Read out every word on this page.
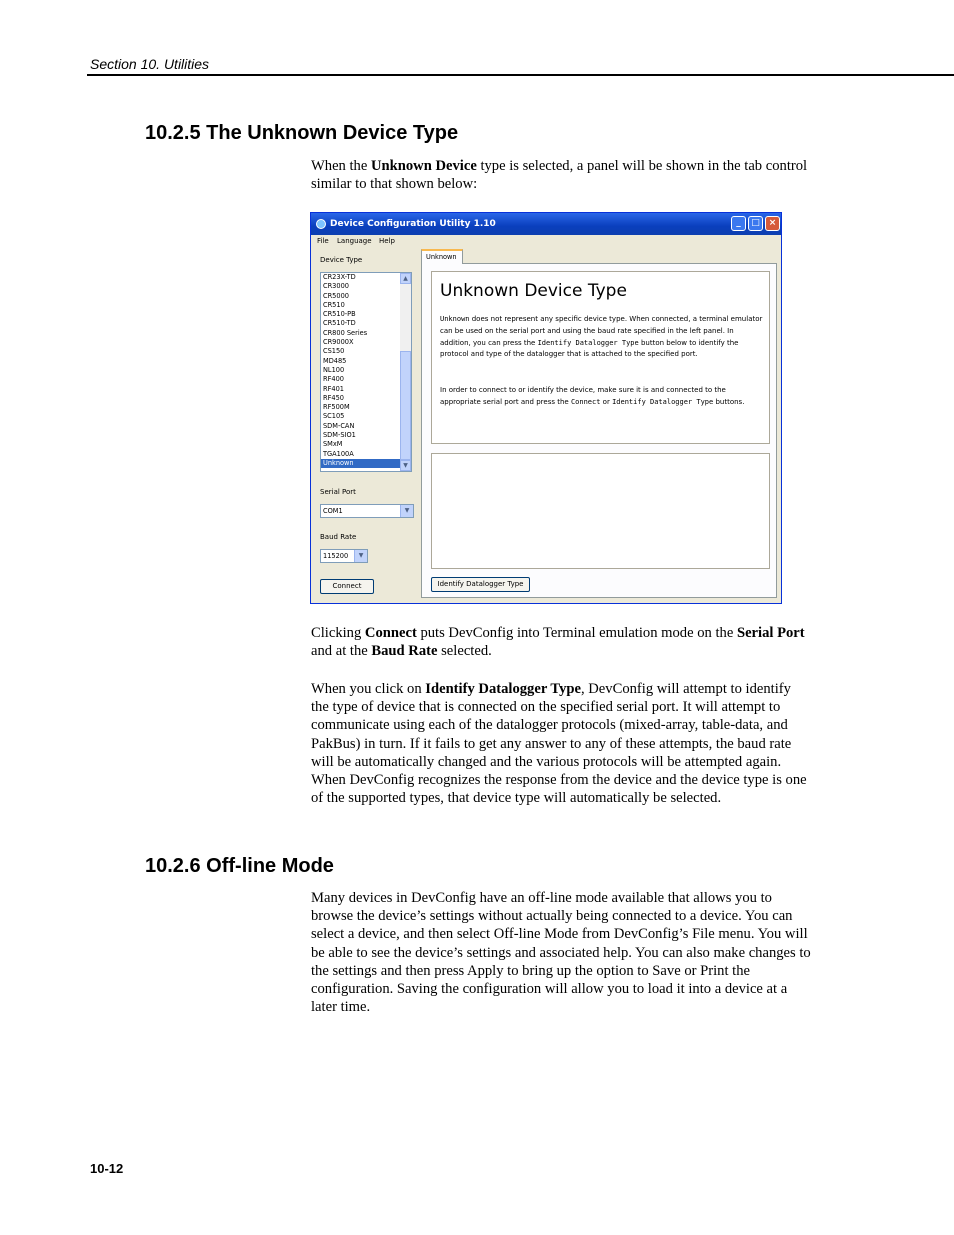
Section 10. Utilities
10.2.5 The Unknown Device Type

When the Unknown Device type is selected, a panel will be shown in the tab control similar to that shown below:

Device Configuration Utility 1.10	_	□ ×
File Language Help
Device Type
CR23X-TD
CR3000
CR5000
CR510
CR510-PB
CR510-TD
CR800 Series
CR9000X
CS150
MD485
NL100
RF400
RF401
RF450
RF500M
SC105
SDM-CAN
SDM-SIO1
SMxM
TGA100A
Unknown
▲
▼
Serial Port
COM1	▼
Baud Rate
115200	▼
Connect
Unknown
Unknown Device Type
Unknown does not represent any specific device type. When connected, a terminal emulator can be used on the serial port and using the baud rate specified in the left panel. In addition, you can press the Identify Datalogger Type button below to identify the protocol and type of the datalogger that is attached to the specified port.
In order to connect to or identify the device, make sure it is and connected to the appropriate serial port and press the Connect or Identify Datalogger Type buttons.
Identify Datalogger Type

Clicking Connect puts DevConfig into Terminal emulation mode on the Serial Port and at the Baud Rate selected.

When you click on Identify Datalogger Type, DevConfig will attempt to identify the type of device that is connected on the specified serial port. It will attempt to communicate using each of the datalogger protocols (mixed-array, table-data, and PakBus) in turn. If it fails to get any answer to any of these attempts, the baud rate will be automatically changed and the various protocols will be attempted again. When DevConfig recognizes the response from the device and the device type is one of the supported types, that device type will automatically be selected.

10.2.6 Off-line Mode

Many devices in DevConfig have an off-line mode available that allows you to browse the device’s settings without actually being connected to a device. You can select a device, and then select Off-line Mode from DevConfig’s File menu. You will be able to see the device’s settings and associated help. You can also make changes to the settings and then press Apply to bring up the option to Save or Print the configuration. Saving the configuration will allow you to load it into a device at a later time.

10-12
